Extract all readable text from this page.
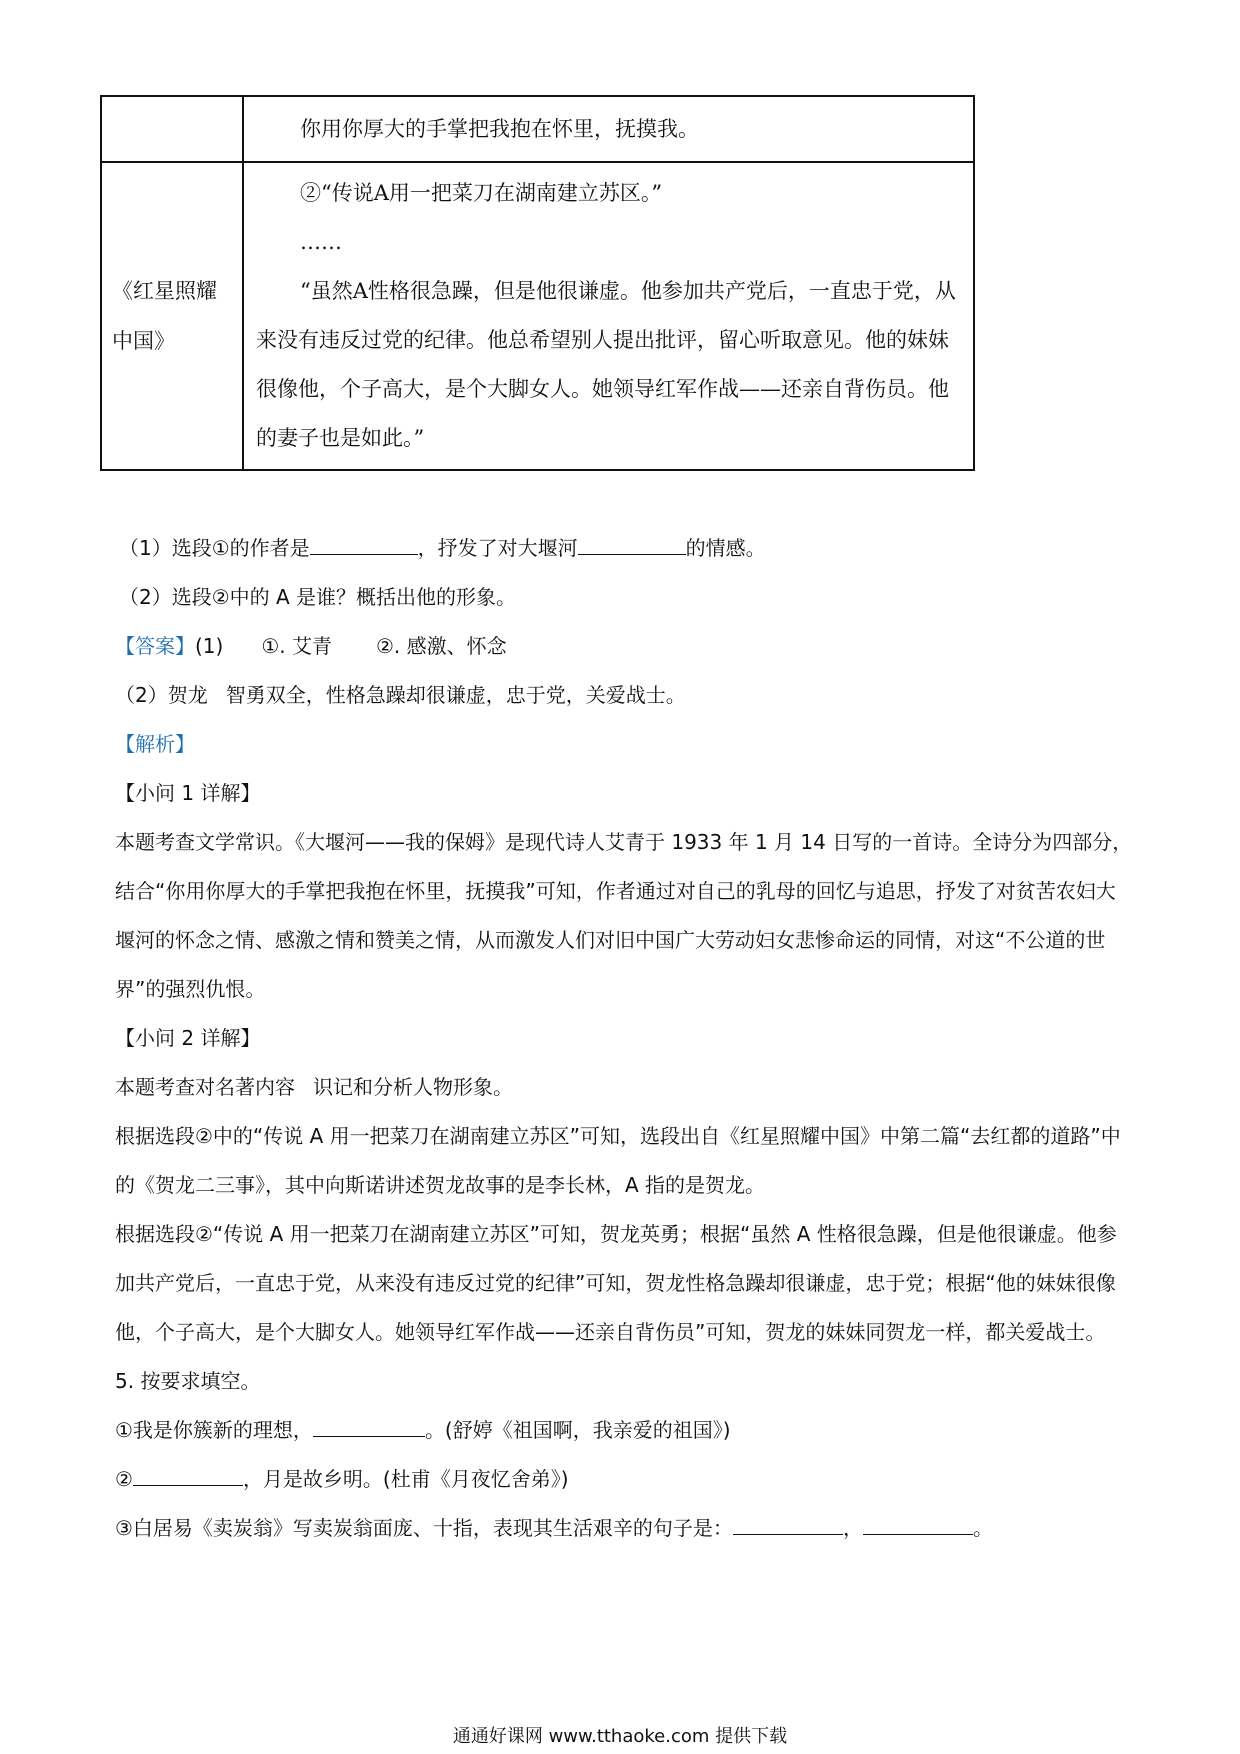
	你用你厚大的手掌把我抱在怀里，抚摸我。

《红星照耀中国》	②“传说A用一把菜刀在湖南建立苏区。”

……

“虽然A性格很急躁，但是他很谦虚。他参加共产党后，一直忠于党，从来没有违反过党的纪律。他总希望别人提出批评，留心听取意见。他的妹妹很像他，个子高大，是个大脚女人。她领导红军作战——还亲自背伤员。他的妻子也是如此。”

（1）选段①的作者是	，抒发了对大堰河	的情感。

（2）选段②中的 A 是谁？概括出他的形象。

【答案】(1) ①. 艾青 ②. 感激、怀念

（2）贺龙 智勇双全，性格急躁却很谦虚，忠于党，关爱战士。

【解析】

【小问 1 详解】

本题考查文学常识。《大堰河——我的保姆》是现代诗人艾青于 1933 年 1 月 14 日写的一首诗。全诗分为四部分，结合“你用你厚大的手掌把我抱在怀里，抚摸我”可知，作者通过对自己的乳母的回忆与追思，抒发了对贫苦农妇大堰河的怀念之情、感激之情和赞美之情，从而激发人们对旧中国广大劳动妇女悲惨命运的同情，对这“不公道的世界”的强烈仇恨。

【小问 2 详解】

本题考查对名著内容 识记和分析人物形象。

根据选段②中的“传说 A 用一把菜刀在湖南建立苏区”可知，选段出自《红星照耀中国》中第二篇“去红都的道路”中的《贺龙二三事》，其中向斯诺讲述贺龙故事的是李长林，A 指的是贺龙。

根据选段②“传说 A 用一把菜刀在湖南建立苏区”可知，贺龙英勇；根据“虽然 A 性格很急躁，但是他很谦虚。他参加共产党后，一直忠于党，从来没有违反过党的纪律”可知，贺龙性格急躁却很谦虚，忠于党；根据“他的妹妹很像他，个子高大，是个大脚女人。她领导红军作战——还亲自背伤员”可知，贺龙的妹妹同贺龙一样，都关爱战士。

5. 按要求填空。

①我是你簇新的理想，	。(舒婷《祖国啊，我亲爱的祖国》)

②	，月是故乡明。(杜甫《月夜忆舍弟》)

③白居易《卖炭翁》写卖炭翁面庞、十指，表现其生活艰辛的句子是：	，	。

通通好课网 www.tthaoke.com 提供下载
